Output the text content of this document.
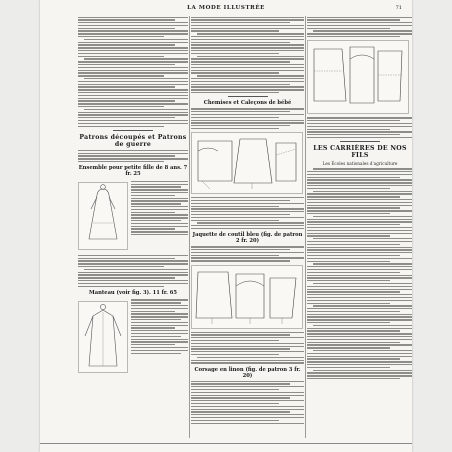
LA MODE ILLUSTRÉE	71
Patrons découpés et Patrons de guerre
Ensemble pour petite fille de 8 ans. 7 fr. 25
Manteau (voir fig. 3). 11 fr. 65
Chemises et Caleçons de bébé
Jaquette de coutil bleu (fig. de patron 2 fr. 20)
Corsage en linon (fig. de patron 3 fr. 20)
LES CARRIÈRES DE NOS FILS
Les Écoles nationales d'agriculture
